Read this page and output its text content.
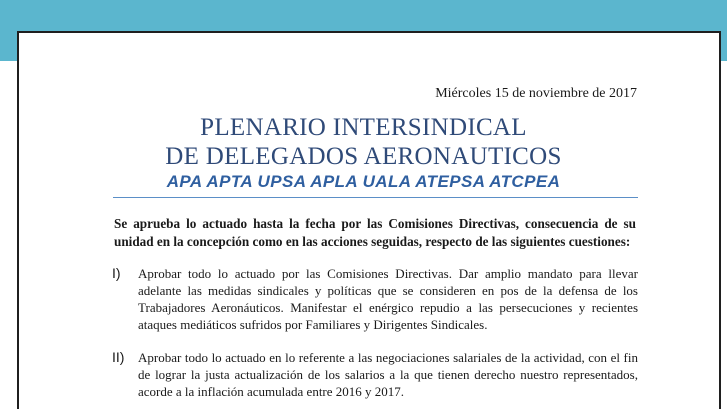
Miércoles 15 de noviembre de 2017
PLENARIO INTERSINDICAL
DE DELEGADOS AERONAUTICOS
APA APTA UPSA APLA UALA ATEPSA ATCPEA
Se aprueba lo actuado hasta la fecha por las Comisiones Directivas, consecuencia de su unidad en la concepción como en las acciones seguidas, respecto de las siguientes cuestiones:
I) Aprobar todo lo actuado por las Comisiones Directivas. Dar amplio mandato para llevar adelante las medidas sindicales y políticas que se consideren en pos de la defensa de los Trabajadores Aeronáuticos. Manifestar el enérgico repudio a las persecuciones y recientes ataques mediáticos sufridos por Familiares y Dirigentes Sindicales.
II) Aprobar todo lo actuado en lo referente a las negociaciones salariales de la actividad, con el fin de lograr la justa actualización de los salarios a la que tienen derecho nuestro representados, acorde a la inflación acumulada entre 2016 y 2017.
